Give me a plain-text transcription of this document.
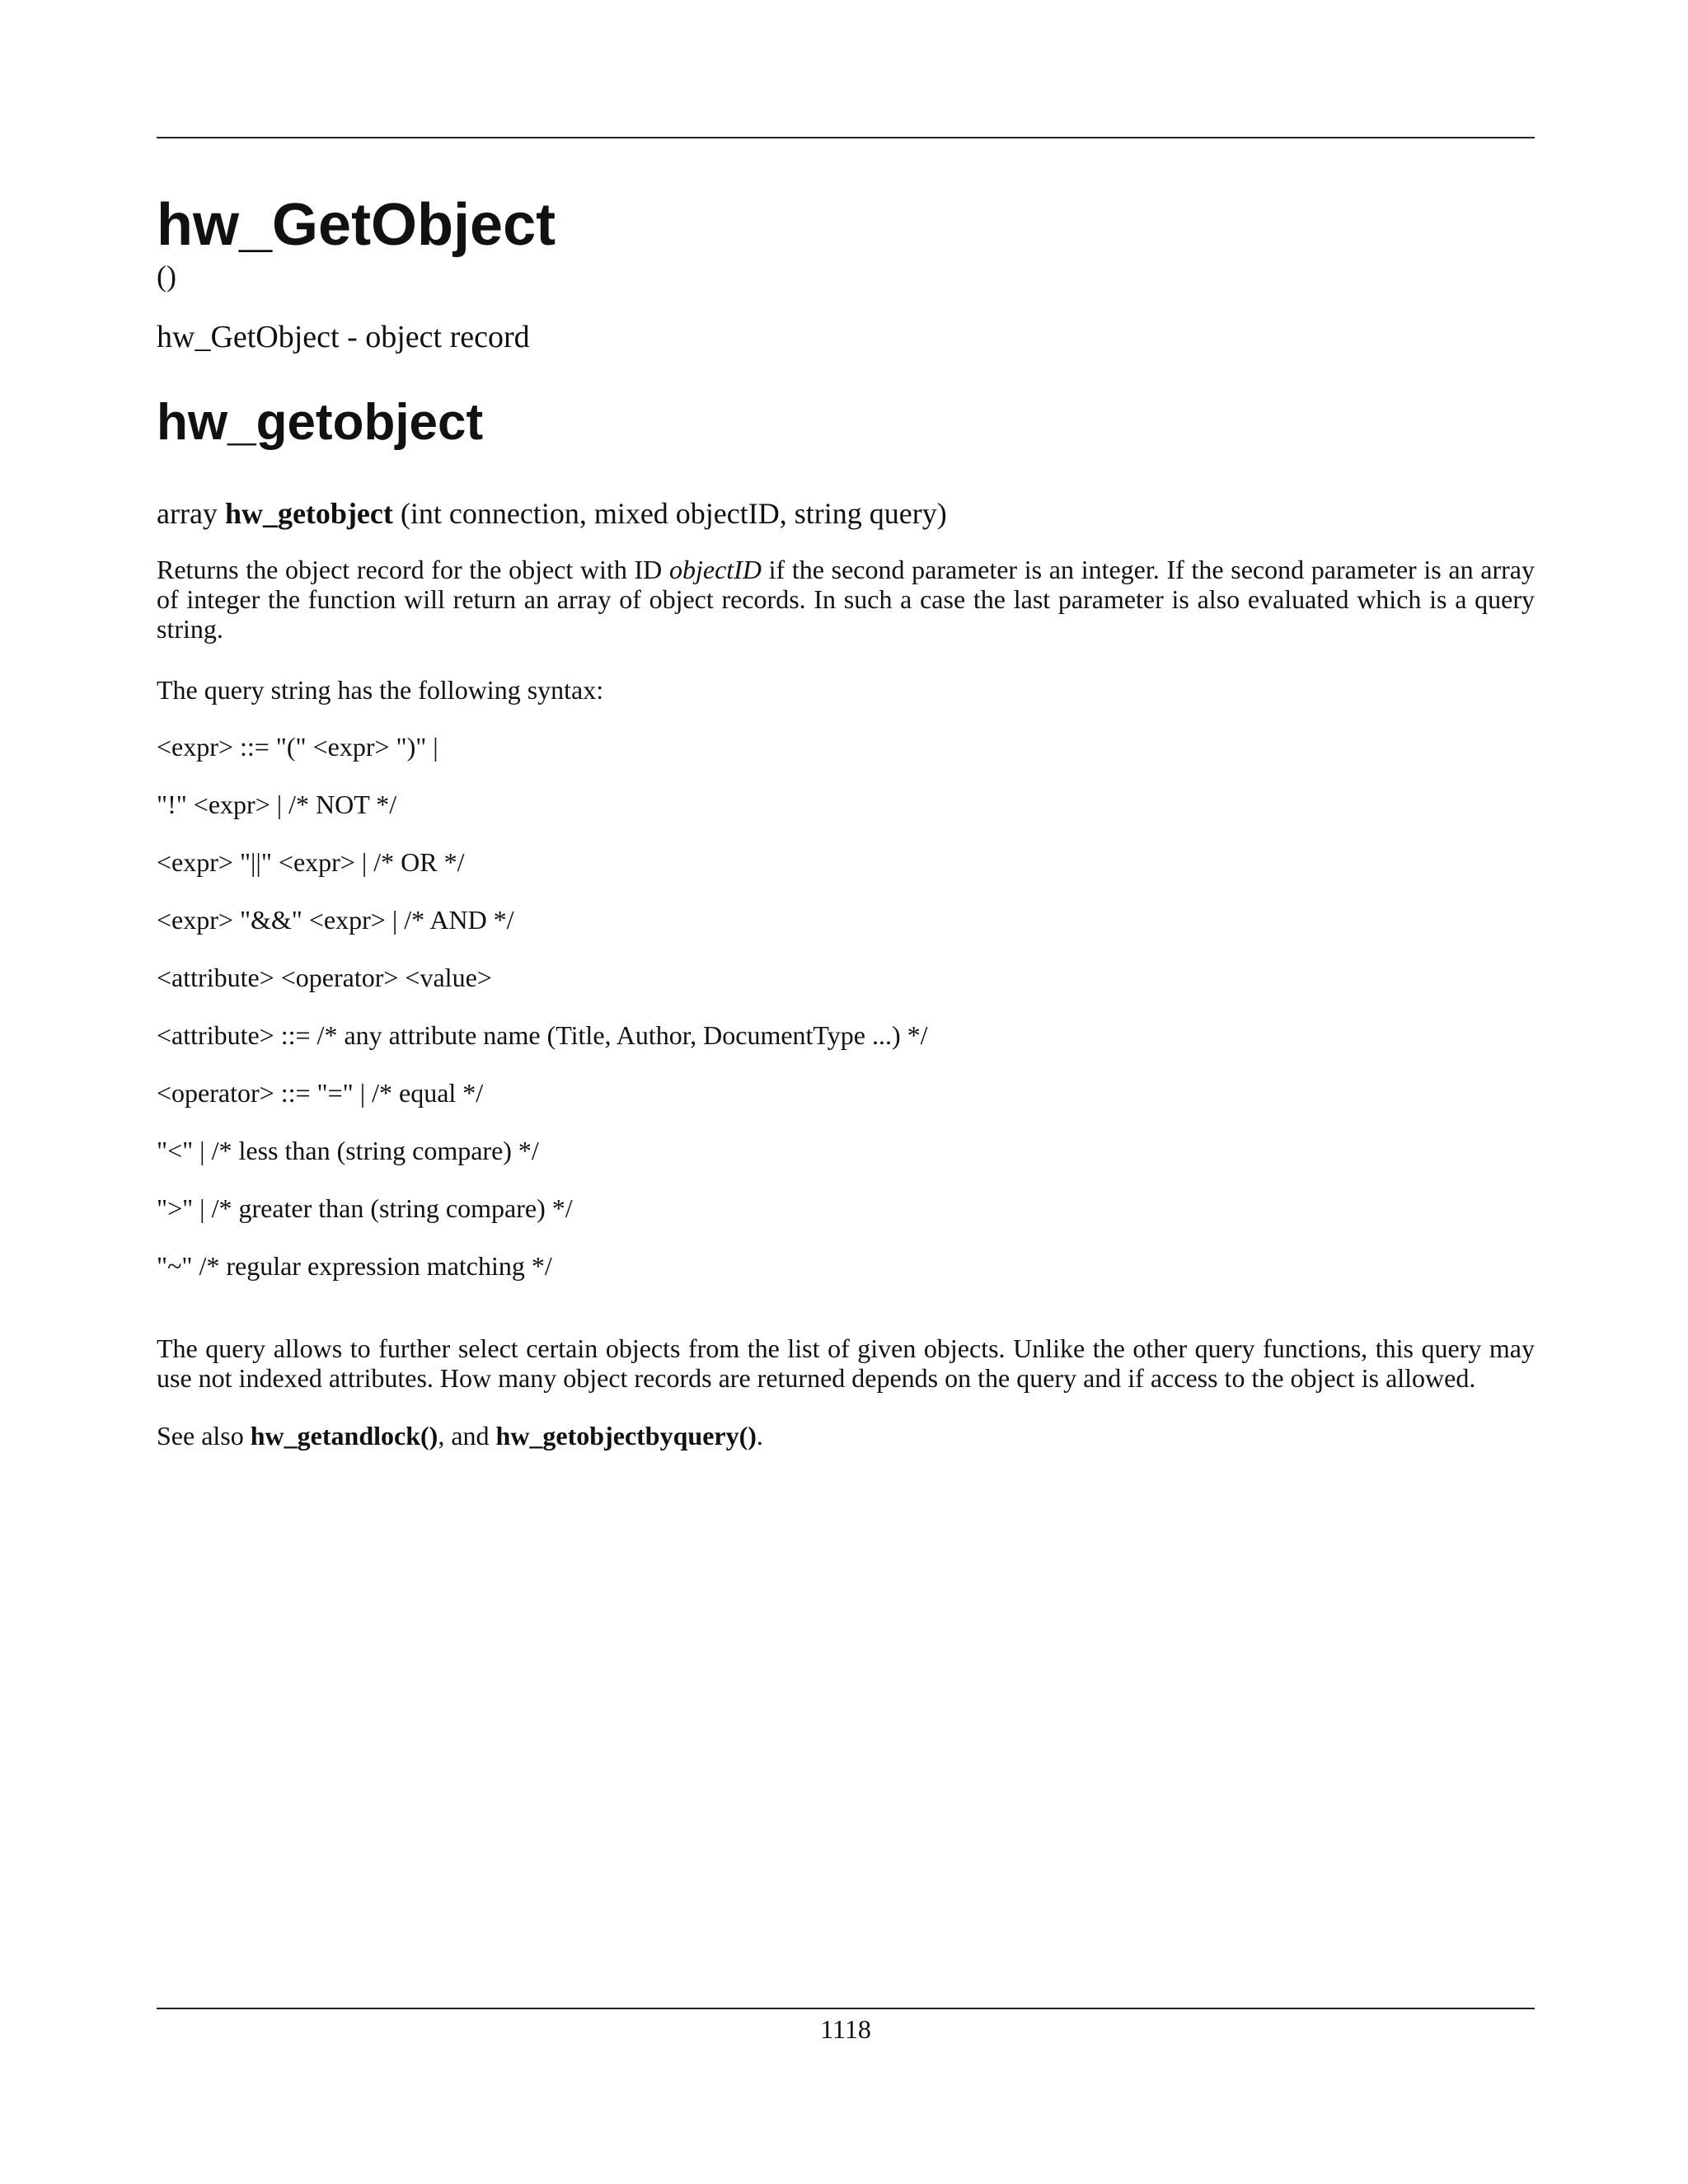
hw_GetObject
()
hw_GetObject - object record
hw_getobject
array hw_getobject (int connection, mixed objectID, string query)
Returns the object record for the object with ID objectID if the second parameter is an integer. If the second parameter is an array of integer the function will return an array of object records. In such a case the last parameter is also evaluated which is a query string.
The query string has the following syntax:
<expr> ::= "(" <expr> ")" |
"!" <expr> | /* NOT */
<expr> "||" <expr> | /* OR */
<expr> "&&" <expr> | /* AND */
<attribute> <operator> <value>
<attribute> ::= /* any attribute name (Title, Author, DocumentType ...) */
<operator> ::= "=" | /* equal */
"<" | /* less than (string compare) */
">" | /* greater than (string compare) */
"~" /* regular expression matching */
The query allows to further select certain objects from the list of given objects. Unlike the other query functions, this query may use not indexed attributes. How many object records are returned depends on the query and if access to the object is allowed.
See also hw_getandlock(), and hw_getobjectbyquery().
1118
